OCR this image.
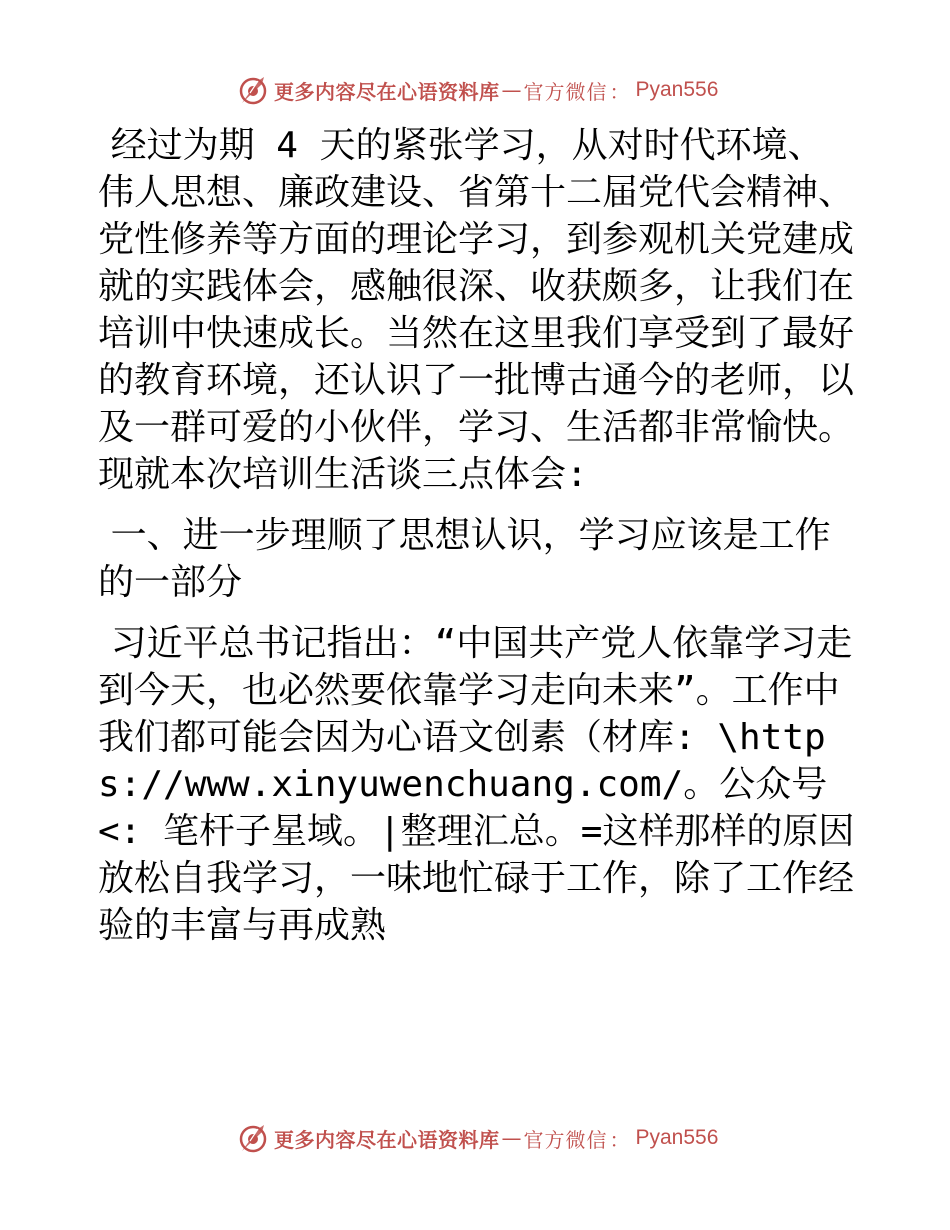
更多内容尽在心语资料库 — 官方微信 ： Pyan556

经过为期 4 天的紧张学习，从对时代环境、伟人思想、廉政建设、省第十二届党代会精神、党性修养等方面的理论学习，到参观机关党建成就的实践体会，感触很深、收获颇多，让我们在培训中快速成长。当然在这里我们享受到了最好的教育环境，还认识了一批博古通今的老师，以及一群可爱的小伙伴，学习、生活都非常愉快。现就本次培训生活谈三点体会:

一、进一步理顺了思想认识，学习应该是工作的一部分

习近平总书记指出：“中国共产党人依靠学习走到今天，也必然要依靠学习走向未来”。工作中我们都可能会因为心语文创素（材库: \https://www.xinyuwenchuang.com/。公众号<: 笔杆子星域。|整理汇总。=这样那样的原因放松自我学习，一味地忙碌于工作，除了工作经验的丰富与再成熟

更多内容尽在心语资料库 — 官方微信 ： Pyan556
